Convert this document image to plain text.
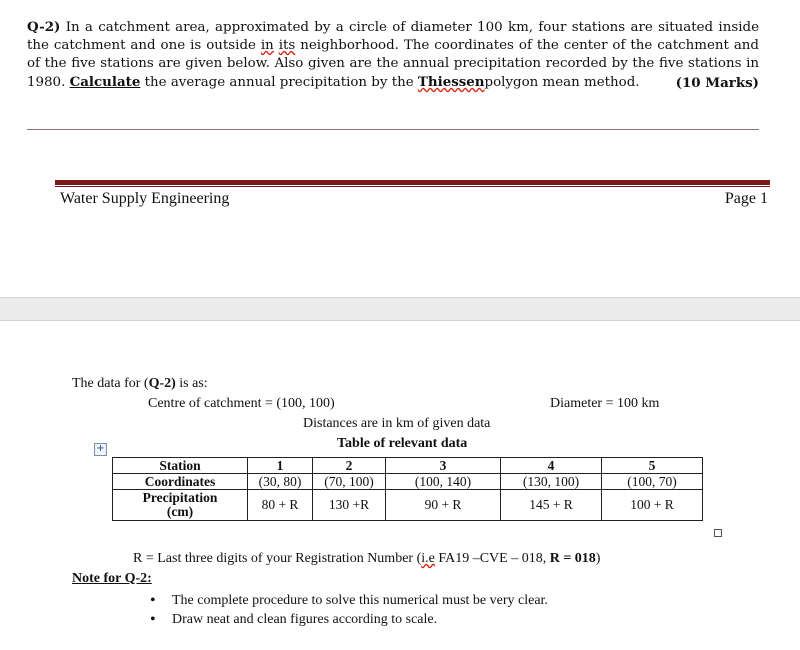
Q-2) In a catchment area, approximated by a circle of diameter 100 km, four stations are situated inside the catchment and one is outside in its neighborhood. The coordinates of the center of the catchment and of the five stations are given below. Also given are the annual precipitation recorded by the five stations in 1980. Calculate the average annual precipitation by the Thiessenpolygon mean method.	(10 Marks)
Water Supply Engineering	Page 1
The data for (Q-2) is as:
Centre of catchment = (100, 100)	Diameter = 100 km
Distances are in km of given data
Table of relevant data
+
Station	1	2	3	4	5
Coordinates	(30, 80)	(70, 100)	(100, 140)	(130, 100)	(100, 70)
Precipitation
(cm)	80 + R	130 +R	90 + R	145 + R	100 + R
R = Last three digits of your Registration Number (i.e FA19 –CVE – 018, R = 018)
Note for Q-2:
• The complete procedure to solve this numerical must be very clear.
• Draw neat and clean figures according to scale.
